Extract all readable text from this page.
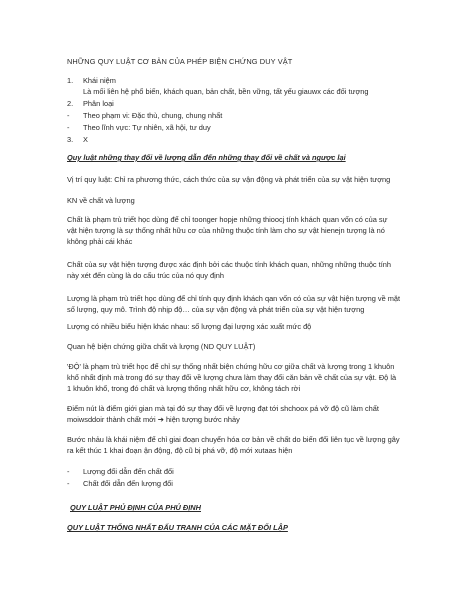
NHỮNG QUY LUẬT CƠ BẢN CỦA PHÉP BIỆN CHỨNG DUY VẬT

1. Khái niệm
Là mối liên hệ phổ biến, khách quan, bản chất, bền vững, tất yếu giauwx các đối tượng
2. Phân loại
- Theo phạm vi: Đặc thù, chung, chung nhất
- Theo lĩnh vực: Tự nhiên, xã hội, tư duy
3. X

Quy luật những thay đổi về lượng dẫn đến những thay đổi về chất và ngược lại

Vị trí quy luật: Chỉ ra phương thức, cách thức của sự vận động và phát triển của sự vật hiện tượng

KN về chất và lượng

Chất là phạm trù triết học dùng để chỉ toonger hopje những thioocj tính khách quan vốn có của sự
vật hiện tượng là sự thống nhất hữu cơ của những thuộc tính làm cho sự vật hienejn tượng là nó
không phải cái khác
Chất của sự vật hiện tượng được xác định bởi các thuộc tính khách quan, những những thuộc tính
này xét đến cùng là do cấu trúc của nó quy định
Lượng là phạm trù triết học dùng để chỉ tính quy định khách qan vốn có của sự vật hiện tượng về mặt
số lượng, quy mô. Trình độ nhịp độ… của sự vận động và phát triển của sự vật hiện tượng

Lượng có nhiều biểu hiện khác nhau: số lượng đại lượng xác xuất mức độ

Quan hệ biện chứng giữa chất và lượng (ND QUY LUẬT)

'ĐỘ' là phạm trù triết học để chỉ sự thống nhất biện chứng hữu cơ giữa chất và lượng trong 1 khuôn
khổ nhất định mà trong đó sự thay đổi về lượng chưa làm thay đổi căn bản về chất của sự vật. Độ là
1 khuôn khổ, trong đó chất và lượng thống nhất hữu cơ, không tách rời
Điểm nút là điểm giới gian mà tại đó sự thay đổi về lượng đạt tới shchoox pá vỡ độ cũ làm chất
moiwsddoir thành chất mới ➔ hiện tượng bước nhảy
Bước nhảu là khái niệm để chỉ giai đoạn chuyển hóa cơ bản về chất do biến đổi liên tục về lượng gây
ra kết thúc 1 khai đoạn ận động, độ cũ bị phá vỡ, độ mới xutaas hiện
- Lượng đổi dẫn đến chất đổi
- Chất đổi dẫn đến lượng đổi

QUY LUẬT PHỦ ĐỊNH CỦA PHỦ ĐỊNH

QUY LUẬT THỐNG NHẤT ĐẤU TRANH CỦA CÁC MẶT ĐỐI LẬP
